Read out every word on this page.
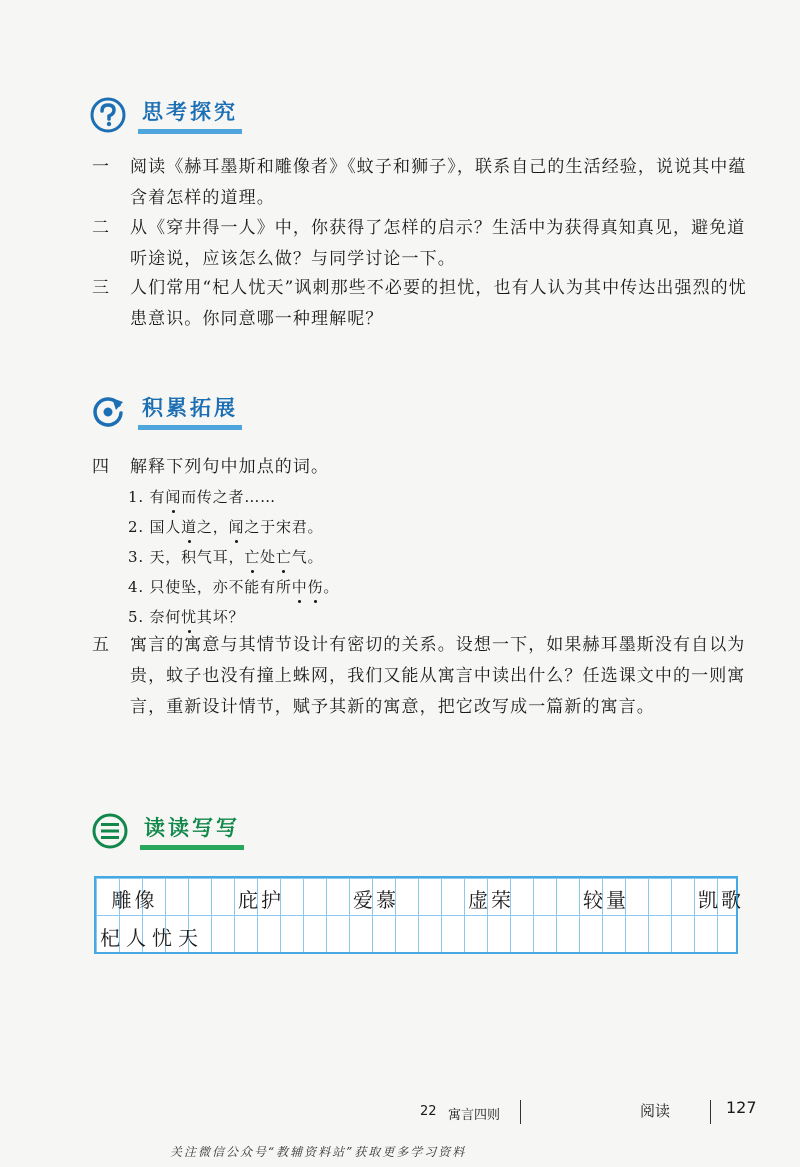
思考探究
一	阅读《赫耳墨斯和雕像者》《蚊子和狮子》，联系自己的生活经验，说说其中蕴含着怎样的道理。
二	从《穿井得一人》中，你获得了怎样的启示？生活中为获得真知真见，避免道听途说，应该怎么做？与同学讨论一下。
三	人们常用“杞人忧天”讽刺那些不必要的担忧，也有人认为其中传达出强烈的忧患意识。你同意哪一种理解呢？
积累拓展
四	解释下列句中加点的词。
1. 有闻而传之者……
2. 国人道之，闻之于宋君。
3. 天，积气耳，亡处亡气。
4. 只使坠，亦不能有所中伤。
5. 奈何忧其坏？
五	寓言的寓意与其情节设计有密切的关系。设想一下，如果赫耳墨斯没有自以为贵，蚊子也没有撞上蛛网，我们又能从寓言中读出什么？任选课文中的一则寓言，重新设计情节，赋予其新的寓意，把它改写成一篇新的寓言。
读读写写
雕像	庇护	爱慕	虚荣	较量	凯歌
杞人忧天
22 寓言四则	阅读	127
关注微信公众号“教辅资料站”获取更多学习资料
